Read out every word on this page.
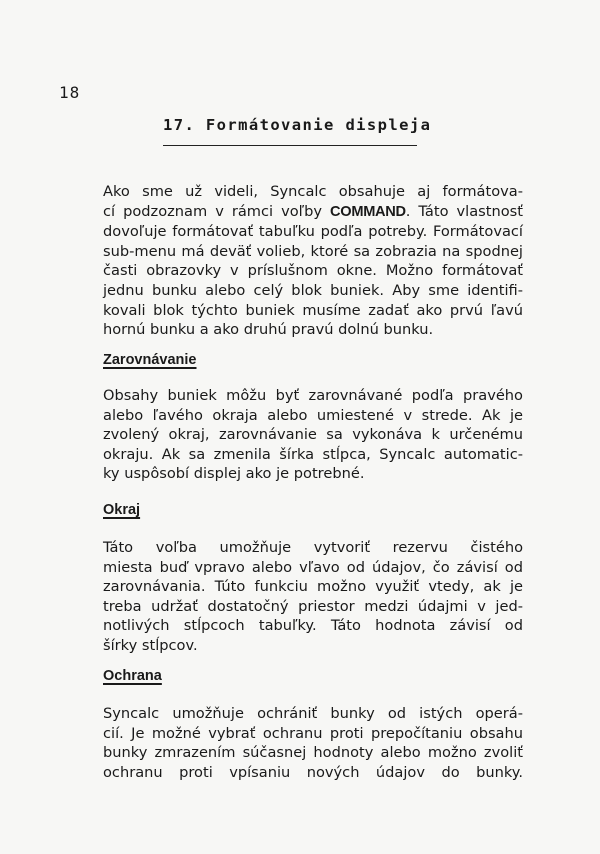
18
17. Formátovanie displeja
Ako sme už videli, Syncalc obsahuje aj formátova-
cí podzoznam v rámci voľby COMMAND. Táto vlastnosť
dovoľuje formátovať tabuľku podľa potreby. Formátovací
sub-menu má deväť volieb, ktoré sa zobrazia na spodnej
časti obrazovky v príslušnom okne. Možno formátovať
jednu bunku alebo celý blok buniek. Aby sme identifi-
kovali blok týchto buniek musíme zadať ako prvú ľavú
hornú bunku a ako druhú pravú dolnú bunku.
Zarovnávanie
Obsahy buniek môžu byť zarovnávané podľa pravého
alebo ľavého okraja alebo umiestené v strede. Ak je
zvolený okraj, zarovnávanie sa vykonáva k určenému
okraju. Ak sa zmenila šírka stĺpca, Syncalc automatic-
ky uspôsobí displej ako je potrebné.
Okraj
Táto voľba umožňuje vytvoriť rezervu čistého
miesta buď vpravo alebo vľavo od údajov, čo závisí od
zarovnávania. Túto funkciu možno využiť vtedy, ak je
treba udržať dostatočný priestor medzi údajmi v jed-
notlivých stĺpcoch tabuľky. Táto hodnota závisí od
šírky stĺpcov.
Ochrana
Syncalc umožňuje ochrániť bunky od istých operá-
cií. Je možné vybrať ochranu proti prepočítaniu obsahu
bunky zmrazením súčasnej hodnoty alebo možno zvoliť
ochranu proti vpísaniu nových údajov do bunky.
